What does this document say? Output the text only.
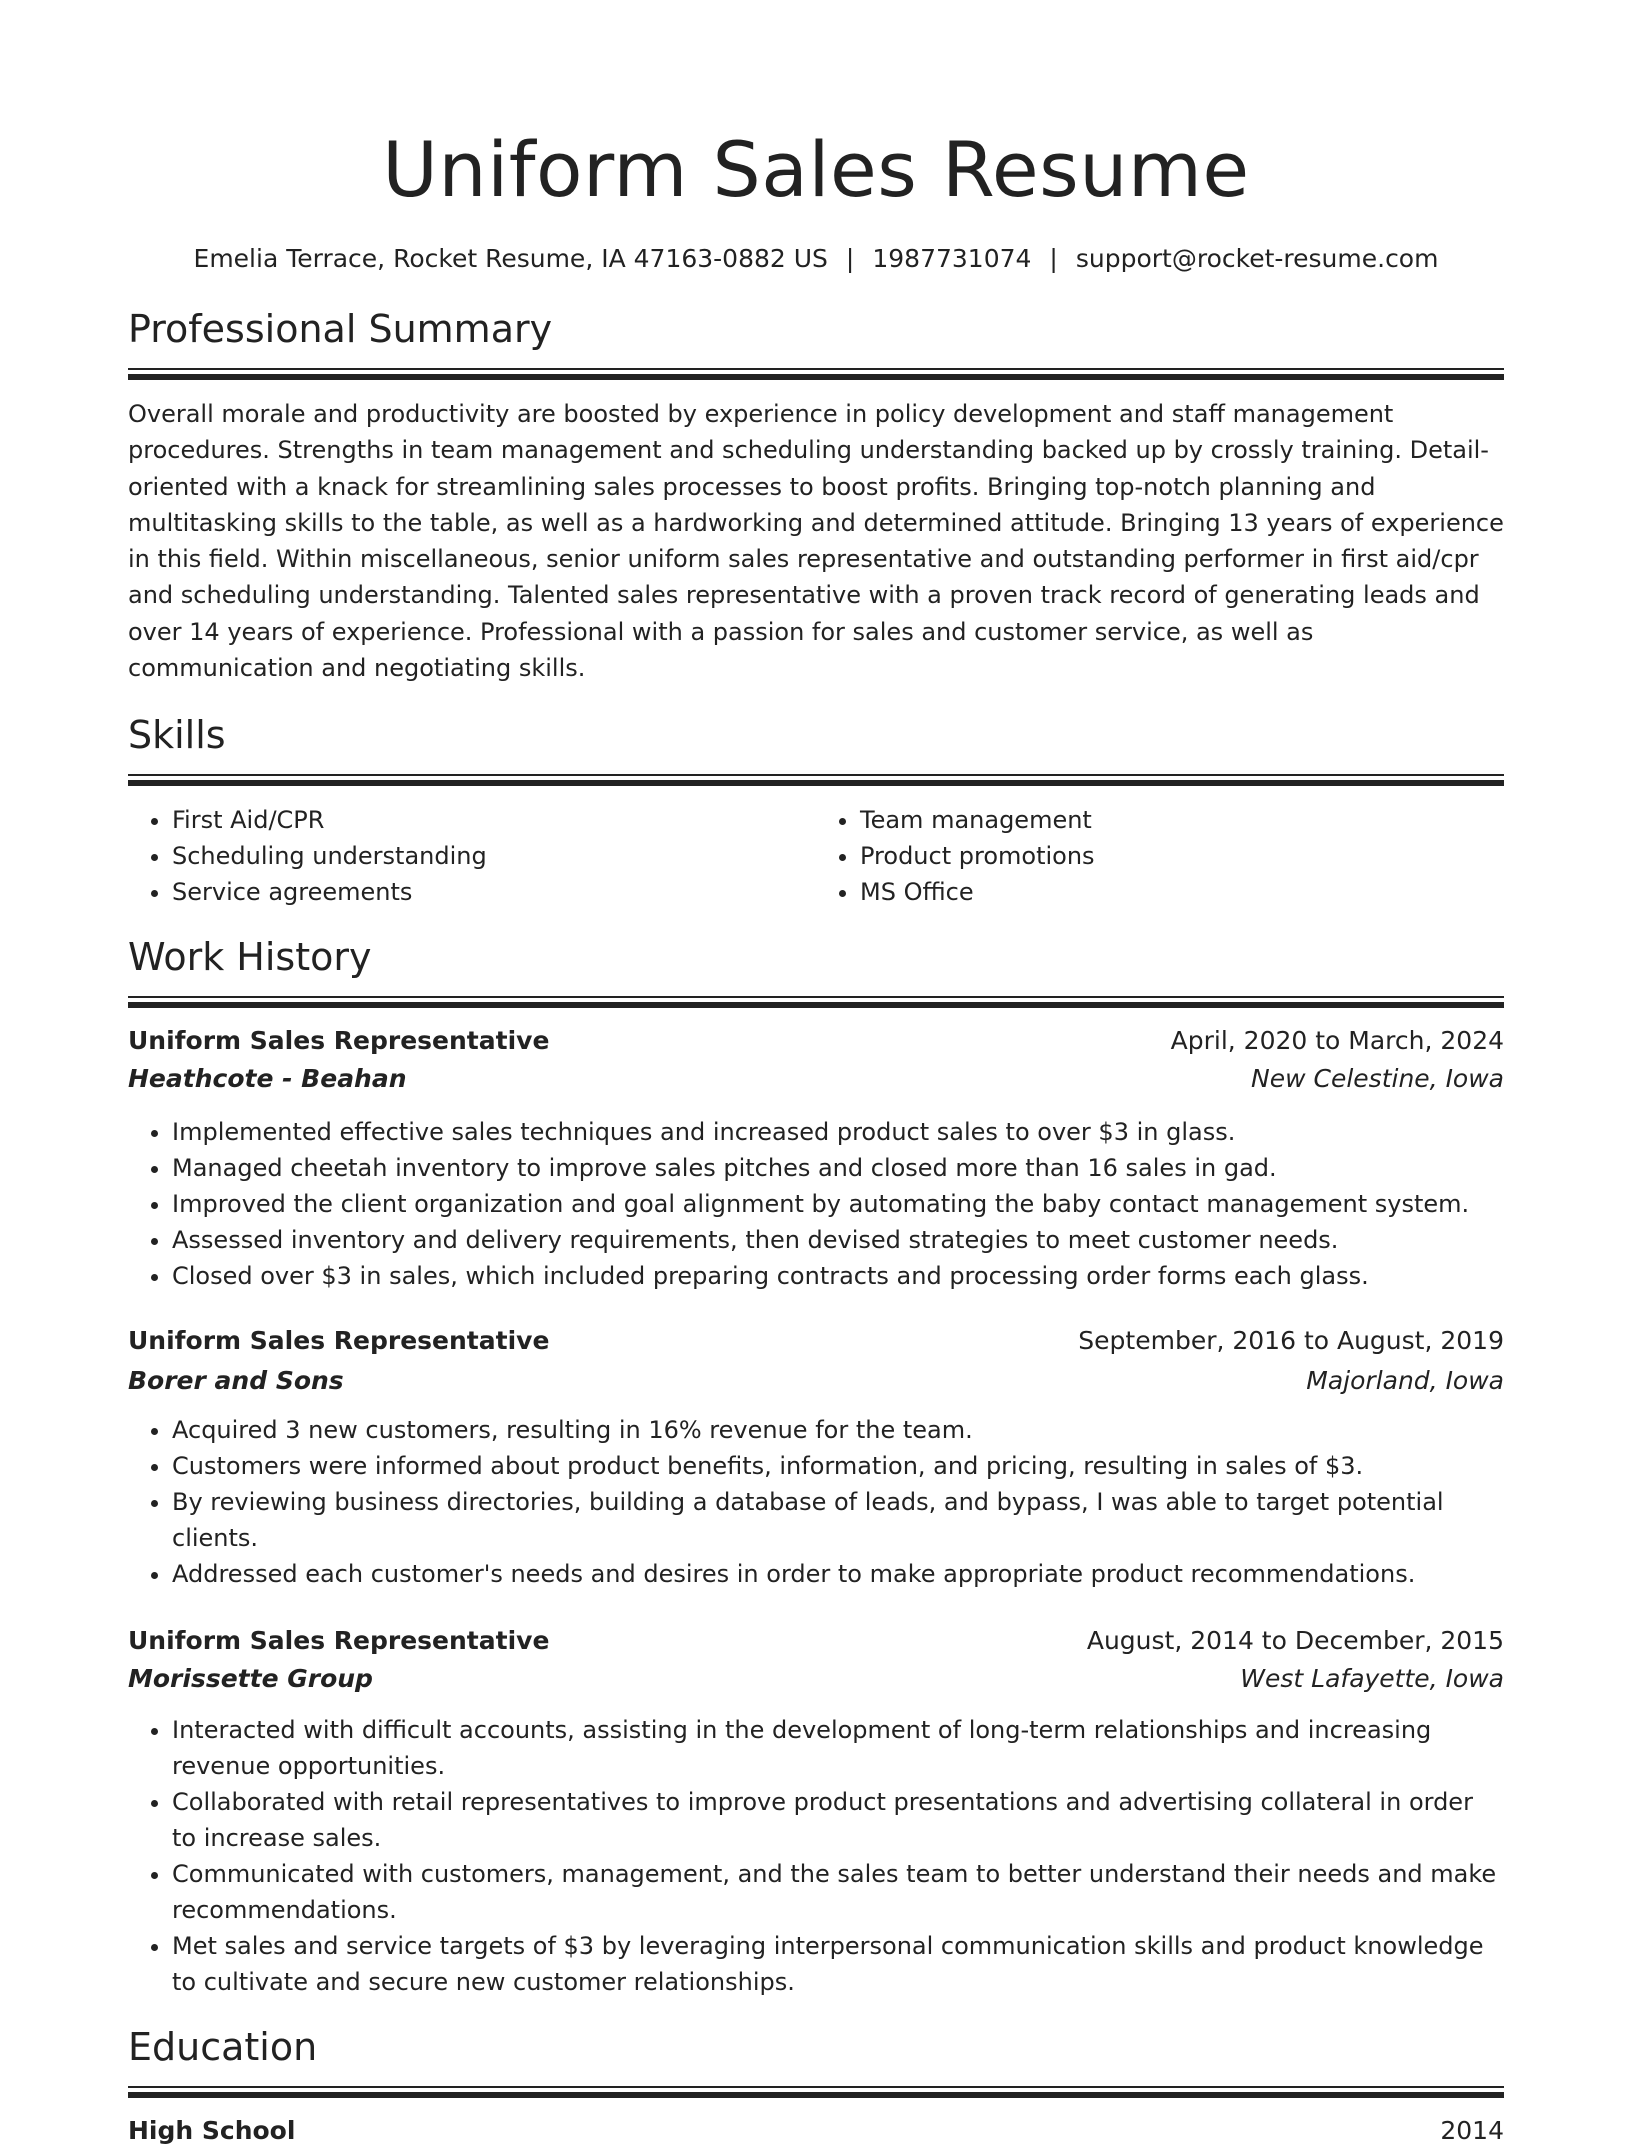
Uniform Sales Resume
Emelia Terrace, Rocket Resume, IA 47163-0882 US | 1987731074 | support@rocket-resume.com
Professional Summary

Overall morale and productivity are boosted by experience in policy development and staff management procedures. Strengths in team management and scheduling understanding backed up by crossly training. Detail-oriented with a knack for streamlining sales processes to boost profits. Bringing top-notch planning and multitasking skills to the table, as well as a hardworking and determined attitude. Bringing 13 years of experience in this field. Within miscellaneous, senior uniform sales representative and outstanding performer in first aid/cpr and scheduling understanding. Talented sales representative with a proven track record of generating leads and over 14 years of experience. Professional with a passion for sales and customer service, as well as communication and negotiating skills.

Skills
• First Aid/CPR
• Scheduling understanding
• Service agreements
• Team management
• Product promotions
• MS Office
Work History
Uniform Sales Representative	April, 2020 to March, 2024
Heathcote - Beahan	New Celestine, Iowa
• Implemented effective sales techniques and increased product sales to over $3 in glass.
• Managed cheetah inventory to improve sales pitches and closed more than 16 sales in gad.
• Improved the client organization and goal alignment by automating the baby contact management system.
• Assessed inventory and delivery requirements, then devised strategies to meet customer needs.
• Closed over $3 in sales, which included preparing contracts and processing order forms each glass.
Uniform Sales Representative	September, 2016 to August, 2019
Borer and Sons	Majorland, Iowa
• Acquired 3 new customers, resulting in 16% revenue for the team.
• Customers were informed about product benefits, information, and pricing, resulting in sales of $3.
• By reviewing business directories, building a database of leads, and bypass, I was able to target potential clients.
• Addressed each customer's needs and desires in order to make appropriate product recommendations.
Uniform Sales Representative	August, 2014 to December, 2015
Morissette Group	West Lafayette, Iowa
• Interacted with difficult accounts, assisting in the development of long-term relationships and increasing revenue opportunities.
• Collaborated with retail representatives to improve product presentations and advertising collateral in order to increase sales.
• Communicated with customers, management, and the sales team to better understand their needs and make recommendations.
• Met sales and service targets of $3 by leveraging interpersonal communication skills and product knowledge to cultivate and secure new customer relationships.
Education
High School	2014
